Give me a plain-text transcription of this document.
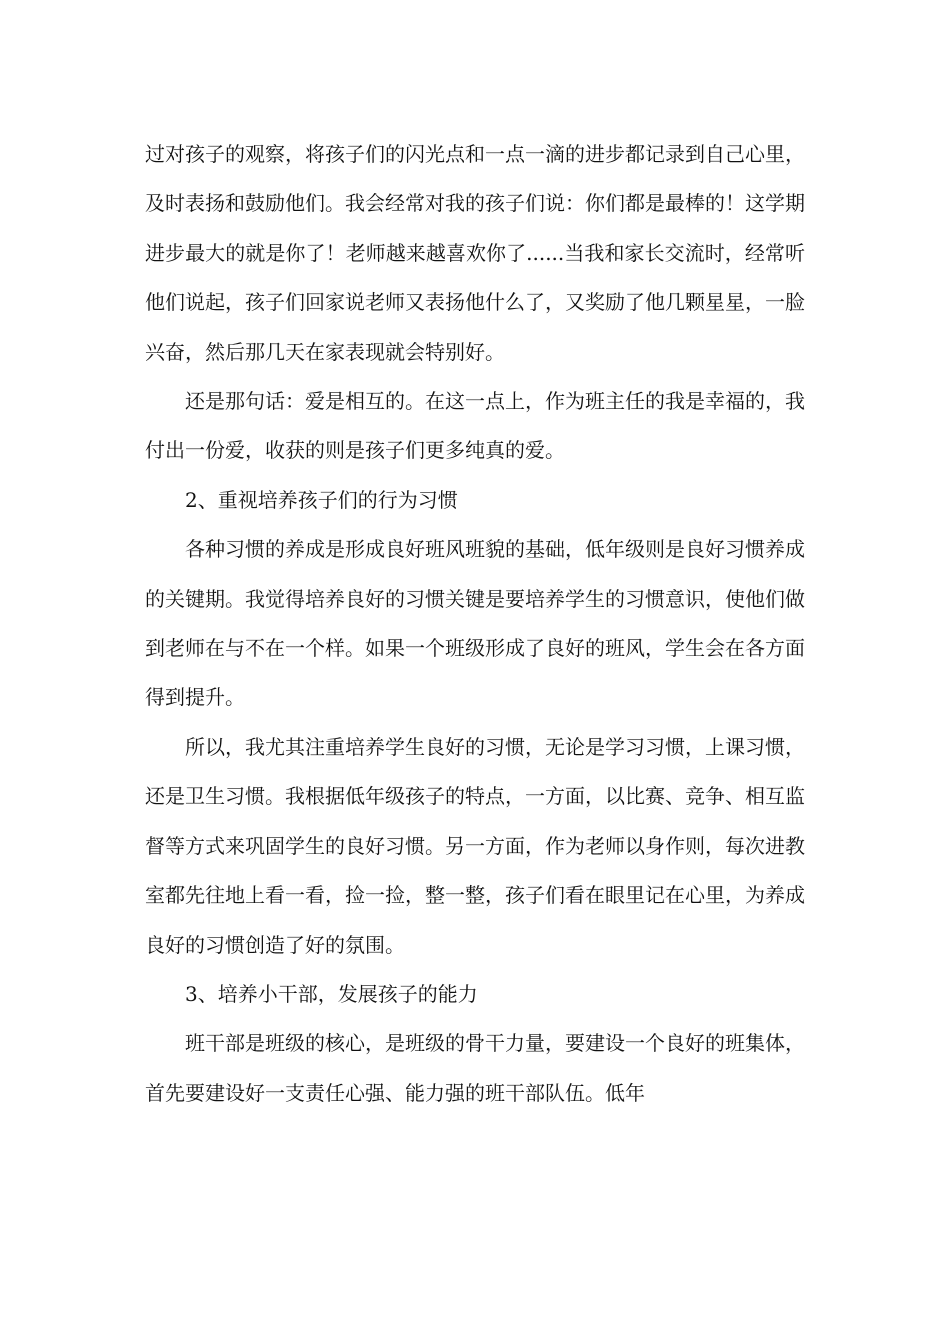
过对孩子的观察，将孩子们的闪光点和一点一滴的进步都记录到自己心里，及时表扬和鼓励他们。我会经常对我的孩子们说：你们都是最棒的！这学期进步最大的就是你了！老师越来越喜欢你了......当我和家长交流时，经常听他们说起，孩子们回家说老师又表扬他什么了，又奖励了他几颗星星，一脸兴奋，然后那几天在家表现就会特别好。

还是那句话：爱是相互的。在这一点上，作为班主任的我是幸福的，我付出一份爱，收获的则是孩子们更多纯真的爱。

2、重视培养孩子们的行为习惯

各种习惯的养成是形成良好班风班貌的基础，低年级则是良好习惯养成的关键期。我觉得培养良好的习惯关键是要培养学生的习惯意识，使他们做到老师在与不在一个样。如果一个班级形成了良好的班风，学生会在各方面得到提升。

所以，我尤其注重培养学生良好的习惯，无论是学习习惯，上课习惯，还是卫生习惯。我根据低年级孩子的特点，一方面，以比赛、竞争、相互监督等方式来巩固学生的良好习惯。另一方面，作为老师以身作则，每次进教室都先往地上看一看，捡一捡，整一整，孩子们看在眼里记在心里，为养成良好的习惯创造了好的氛围。

3、培养小干部，发展孩子的能力

班干部是班级的核心，是班级的骨干力量，要建设一个良好的班集体，首先要建设好一支责任心强、能力强的班干部队伍。低年
